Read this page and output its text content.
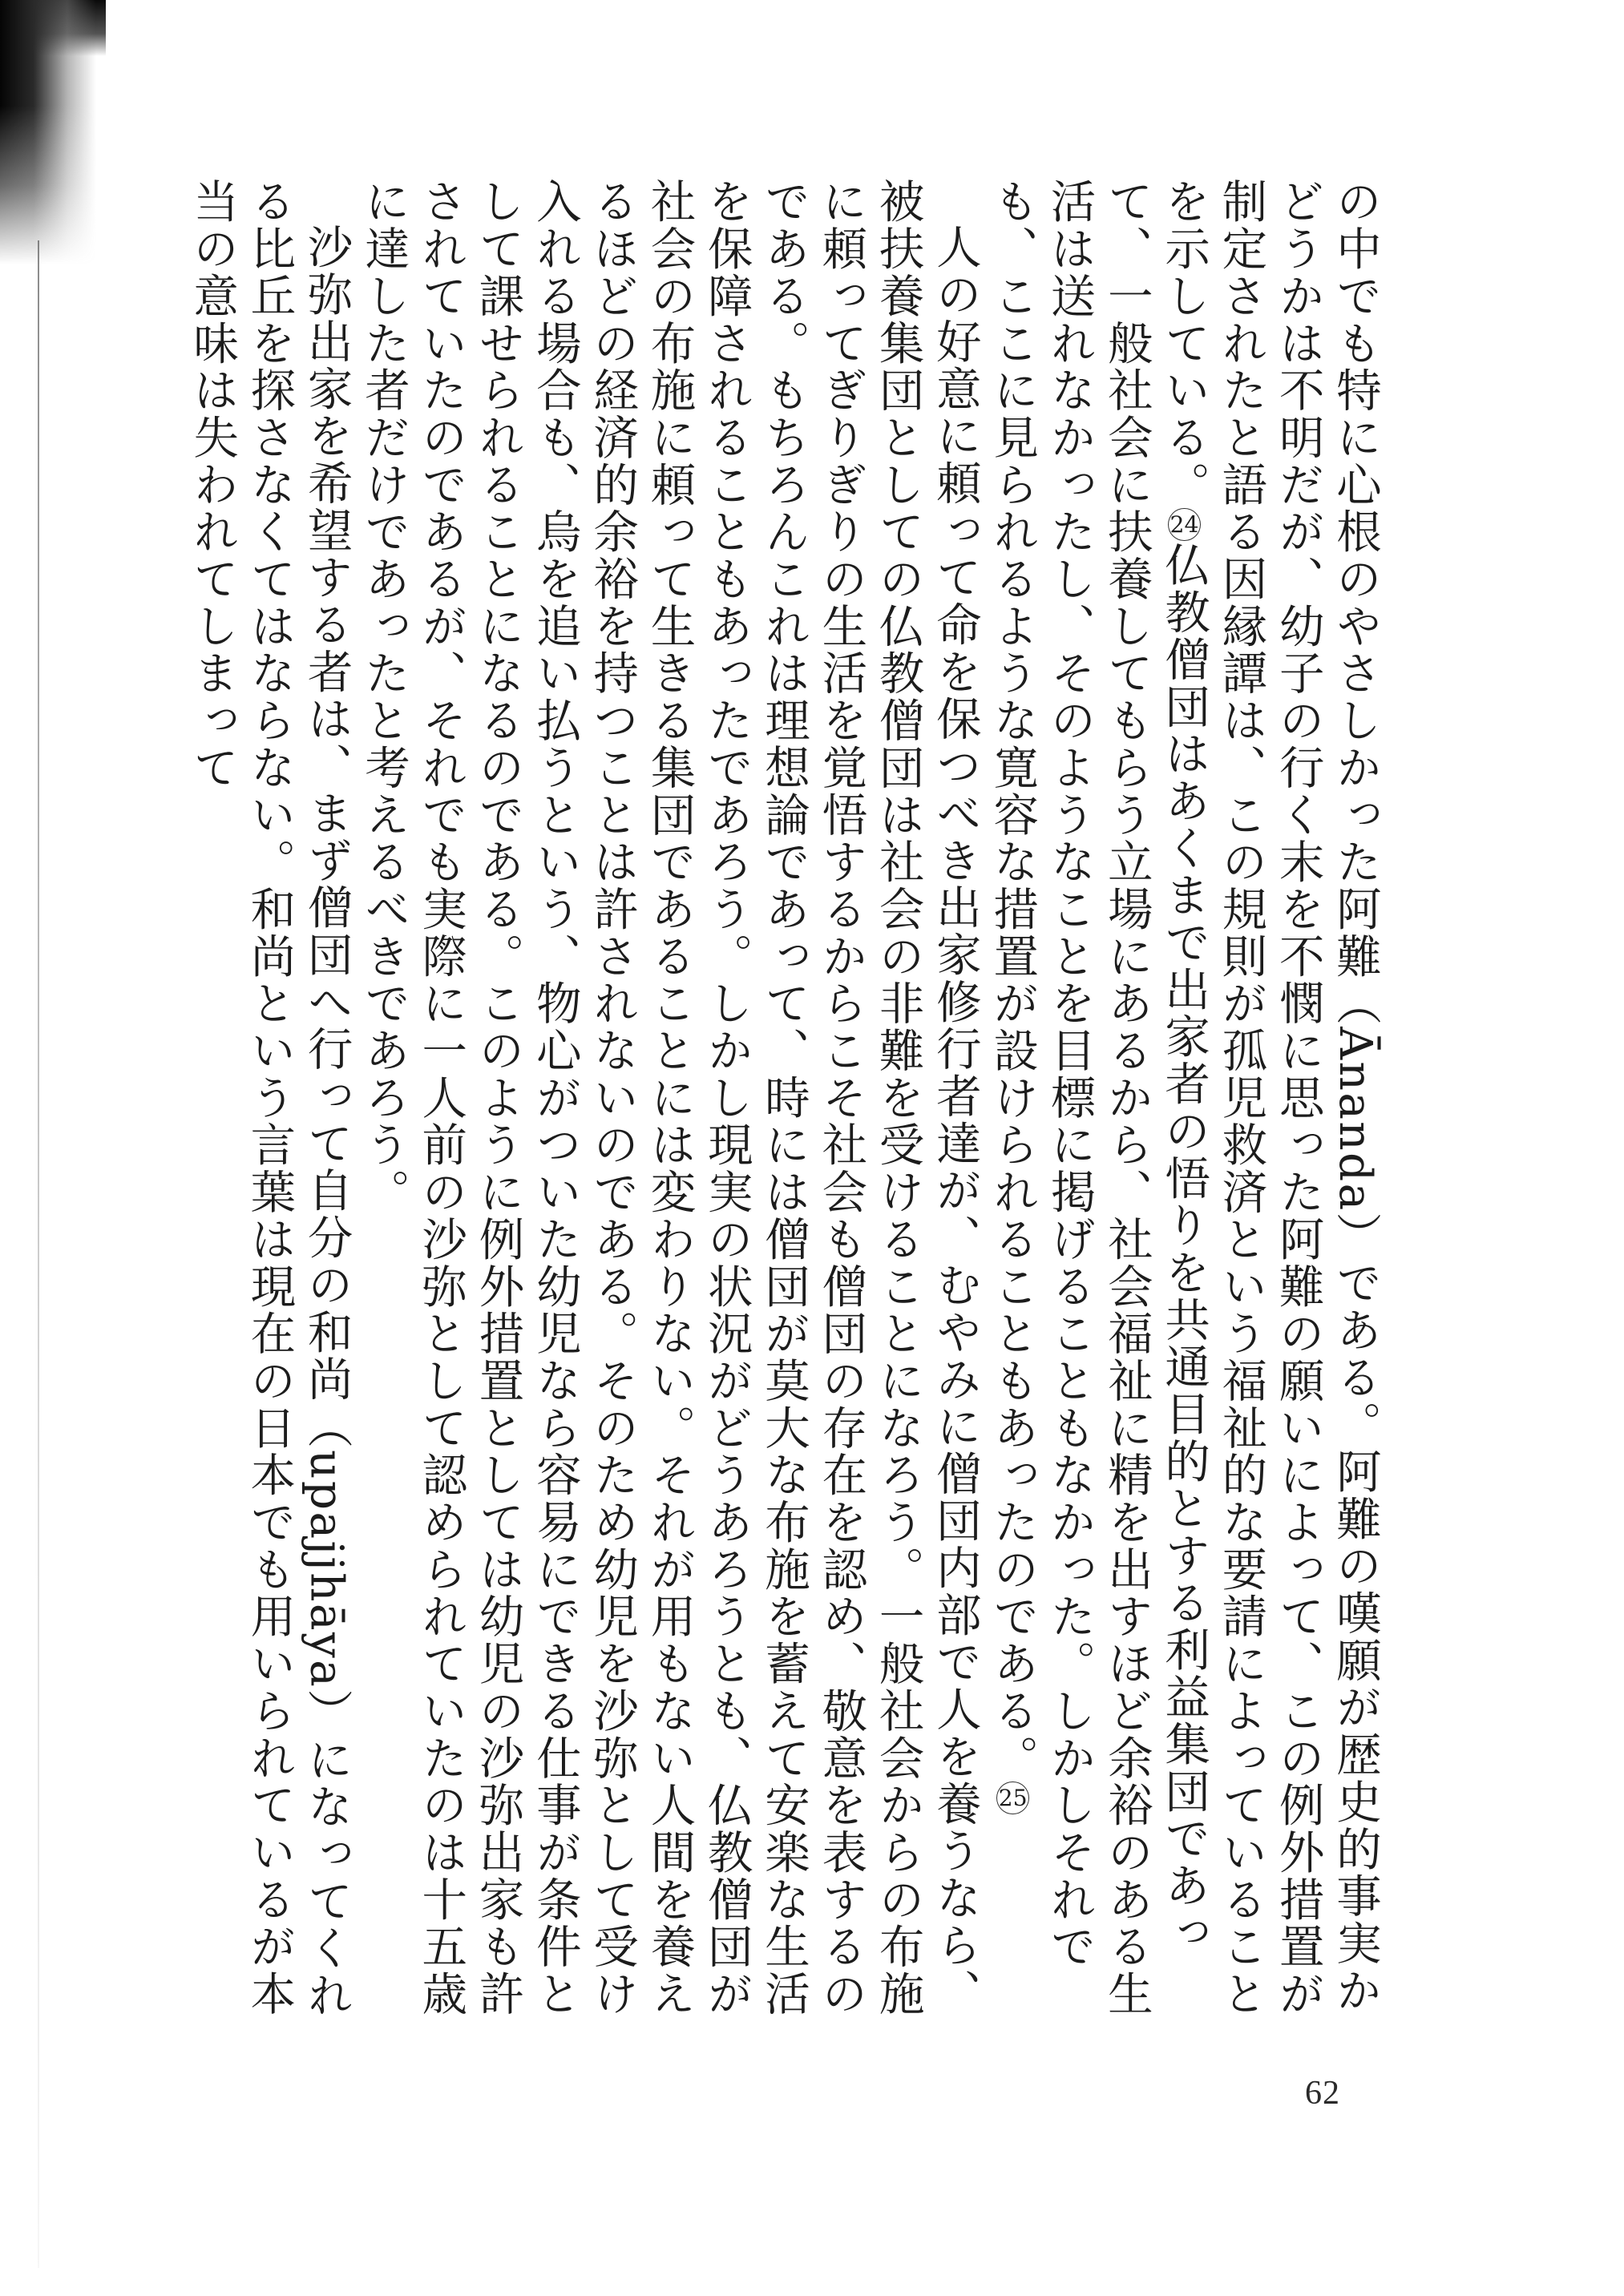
の中でも特に心根のやさしかった阿難（Ānanda）である。阿難の嘆願が歴史的事実かどうかは不明だが、幼子の行く末を不憫に思った阿難の願いによって、この例外措置が制定されたと語る因縁譚は、この規則が孤児救済という福祉的な要請によっていることを示している。24仏教僧団はあくまで出家者の悟りを共通目的とする利益集団であって、一般社会に扶養してもらう立場にあるから、社会福祉に精を出すほど余裕のある生活は送れなかったし、そのようなことを目標に掲げることもなかった。しかしそれでも、ここに見られるような寛容な措置が設けられることもあったのである。25

人の好意に頼って命を保つべき出家修行者達が、むやみに僧団内部で人を養うなら、被扶養集団としての仏教僧団は社会の非難を受けることになろう。一般社会からの布施に頼ってぎりぎりの生活を覚悟するからこそ社会も僧団の存在を認め、敬意を表するのである。もちろんこれは理想論であって、時には僧団が莫大な布施を蓄えて安楽な生活を保障されることもあったであろう。しかし現実の状況がどうあろうとも、仏教僧団が社会の布施に頼って生きる集団であることには変わりない。それが用もない人間を養えるほどの経済的余裕を持つことは許されないのである。そのため幼児を沙弥として受け入れる場合も、烏を追い払うという、物心がついた幼児なら容易にできる仕事が条件として課せられることになるのである。このように例外措置としては幼児の沙弥出家も許されていたのであるが、それでも実際に一人前の沙弥として認められていたのは十五歳に達した者だけであったと考えるべきであろう。

沙弥出家を希望する者は、まず僧団へ行って自分の和尚（upajjhāya）になってくれる比丘を探さなくてはならない。和尚という言葉は現在の日本でも用いられているが本当の意味は失われてしまって

62
